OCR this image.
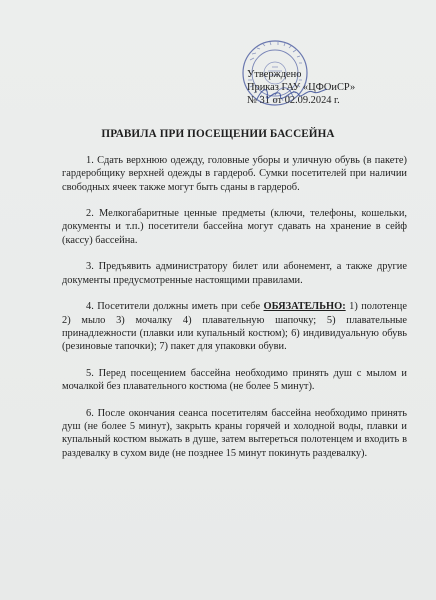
Утверждено
Приказ ГАУ «ЦФОиСР»
№ 31 от 02.09.2024 г.
ПРАВИЛА ПРИ ПОСЕЩЕНИИ БАССЕЙНА

1. Сдать верхнюю одежду, головные уборы и уличную обувь (в пакете) гардеробщику верхней одежды в гардероб. Сумки посетителей при наличии свободных ячеек также могут быть сданы в гардероб.

2. Мелкогабаритные ценные предметы (ключи, телефоны, кошельки, документы и т.п.) посетители бассейна могут сдавать на хранение в сейф (кассу) бассейна.

3. Предъявить администратору билет или абонемент, а также другие документы предусмотренные настоящими правилами.

4. Посетители должны иметь при себе ОБЯЗАТЕЛЬНО: 1) полотенце 2) мыло 3) мочалку 4) плавательную шапочку; 5) плавательные принадлежности (плавки или купальный костюм); 6) индивидуальную обувь (резиновые тапочки); 7) пакет для упаковки обуви.

5. Перед посещением бассейна необходимо принять душ с мылом и мочалкой без плавательного костюма (не более 5 минут).

6. После окончания сеанса посетителям бассейна необходимо принять душ (не более 5 минут), закрыть краны горячей и холодной воды, плавки и купальный костюм выжать в душе, затем вытереться полотенцем и входить в раздевалку в сухом виде (не позднее 15 минут покинуть раздевалку).
